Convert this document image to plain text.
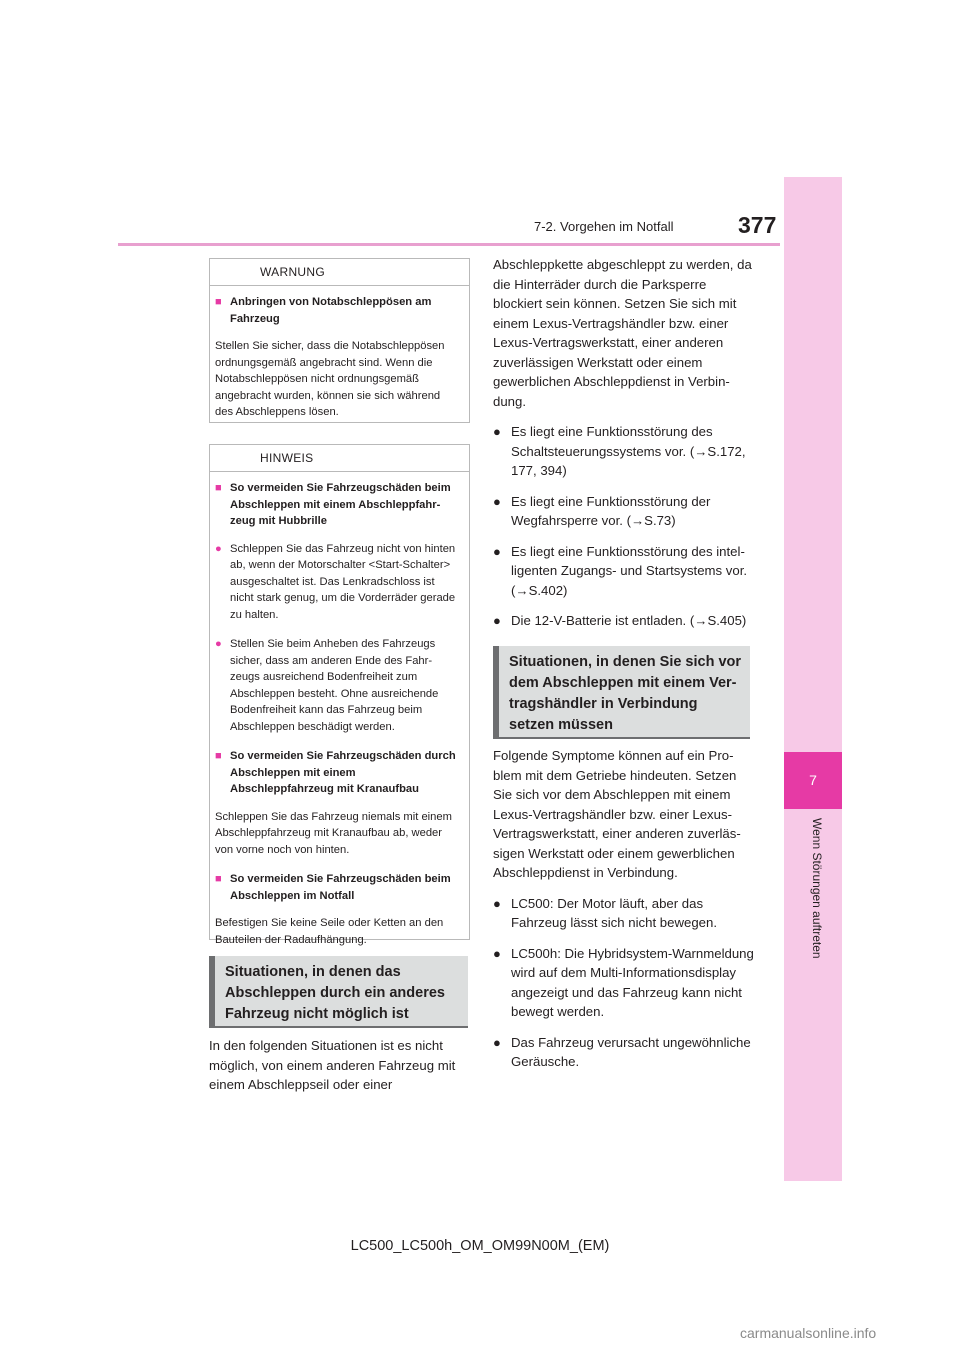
7-2. Vorgehen im Notfall	377
7
Wenn Störungen auftreten
WARNUNG
■ Anbringen von Notabschleppösen am Fahrzeug

Stellen Sie sicher, dass die Notabschleppösen ordnungsgemäß angebracht sind. Wenn die Notabschleppösen nicht ordnungsgemäß angebracht wurden, können sie sich während des Abschleppens lösen.

HINWEIS
■ So vermeiden Sie Fahrzeugschäden beim Abschleppen mit einem Abschleppfahrzeug mit Hubbrille
● Schleppen Sie das Fahrzeug nicht von hinten ab, wenn der Motorschalter <Start-Schalter> ausgeschaltet ist. Das Lenkradschloss ist nicht stark genug, um die Vorderräder gerade zu halten.
● Stellen Sie beim Anheben des Fahrzeugs sicher, dass am anderen Ende des Fahrzeugs ausreichend Bodenfreiheit zum Abschleppen besteht. Ohne ausreichende Bodenfreiheit kann das Fahrzeug beim Abschleppen beschädigt werden.
■ So vermeiden Sie Fahrzeugschäden durch Abschleppen mit einem Abschleppfahrzeug mit Kranaufbau

Schleppen Sie das Fahrzeug niemals mit einem Abschleppfahrzeug mit Kranaufbau ab, weder von vorne noch von hinten.

■ So vermeiden Sie Fahrzeugschäden beim Abschleppen im Notfall

Befestigen Sie keine Seile oder Ketten an den Bauteilen der Radaufhängung.

Situationen, in denen das Abschleppen durch ein anderes Fahrzeug nicht möglich ist
In den folgenden Situationen ist es nicht möglich, von einem anderen Fahrzeug mit einem Abschleppseil oder einer
Abschleppkette abgeschleppt zu werden, da die Hinterräder durch die Parksperre blockiert sein können. Setzen Sie sich mit einem Lexus-Vertragshändler bzw. einer Lexus-Vertragswerkstatt, einer anderen zuverlässigen Werkstatt oder einem gewerblichen Abschleppdienst in Verbindung.
● Es liegt eine Funktionsstörung des Schaltsteuerungssystems vor. (→S.172, 177, 394)
● Es liegt eine Funktionsstörung der Wegfahrsperre vor. (→S.73)
● Es liegt eine Funktionsstörung des intelligenten Zugangs- und Startsystems vor. (→S.402)
● Die 12-V-Batterie ist entladen. (→S.405)
Situationen, in denen Sie sich vor dem Abschleppen mit einem Vertragshändler in Verbindung setzen müssen
Folgende Symptome können auf ein Problem mit dem Getriebe hindeuten. Setzen Sie sich vor dem Abschleppen mit einem Lexus-Vertragshändler bzw. einer Lexus-Vertragswerkstatt, einer anderen zuverlässigen Werkstatt oder einem gewerblichen Abschleppdienst in Verbindung.
● LC500: Der Motor läuft, aber das Fahrzeug lässt sich nicht bewegen.
● LC500h: Die Hybridsystem-Warnmeldung wird auf dem Multi-Informationsdisplay angezeigt und das Fahrzeug kann nicht bewegt werden.
● Das Fahrzeug verursacht ungewöhnliche Geräusche.
LC500_LC500h_OM_OM99N00M_(EM)
carmanualsonline.info
